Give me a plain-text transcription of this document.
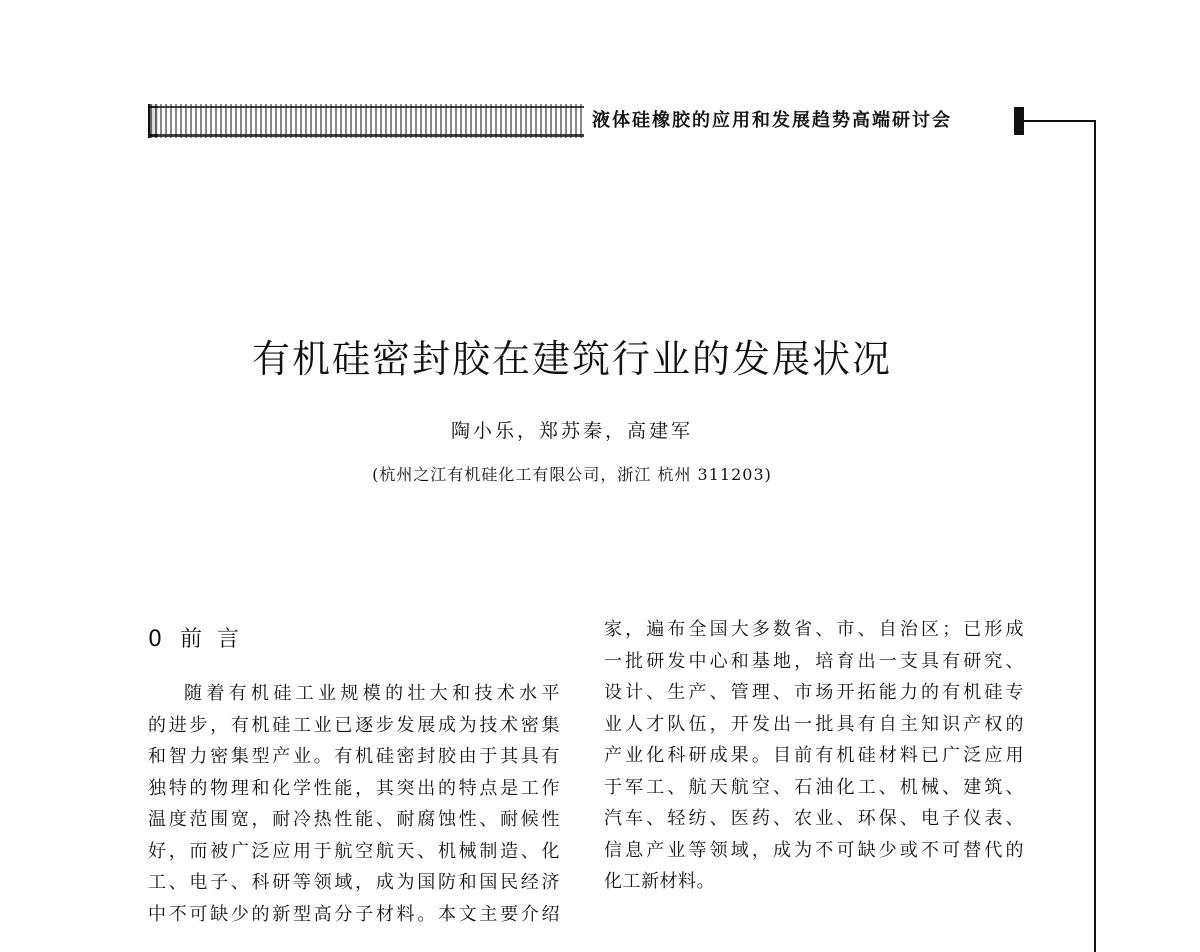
液体硅橡胶的应用和发展趋势高端研讨会
有机硅密封胶在建筑行业的发展状况
陶小乐，郑苏秦，高建军
(杭州之江有机硅化工有限公司，浙江 杭州 311203)
0 前 言
随着有机硅工业规模的壮大和技术水平
的进步，有机硅工业已逐步发展成为技术密集
和智力密集型产业。有机硅密封胶由于其具有
独特的物理和化学性能，其突出的特点是工作
温度范围宽，耐冷热性能、耐腐蚀性、耐候性
好，而被广泛应用于航空航天、机械制造、化
工、电子、科研等领域，成为国防和国民经济
中不可缺少的新型高分子材料。本文主要介绍
家，遍布全国大多数省、市、自治区；已形成
一批研发中心和基地，培育出一支具有研究、
设计、生产、管理、市场开拓能力的有机硅专
业人才队伍，开发出一批具有自主知识产权的
产业化科研成果。目前有机硅材料已广泛应用
于军工、航天航空、石油化工、机械、建筑、
汽车、轻纺、医药、农业、环保、电子仪表、
信息产业等领域，成为不可缺少或不可替代的
化工新材料。
